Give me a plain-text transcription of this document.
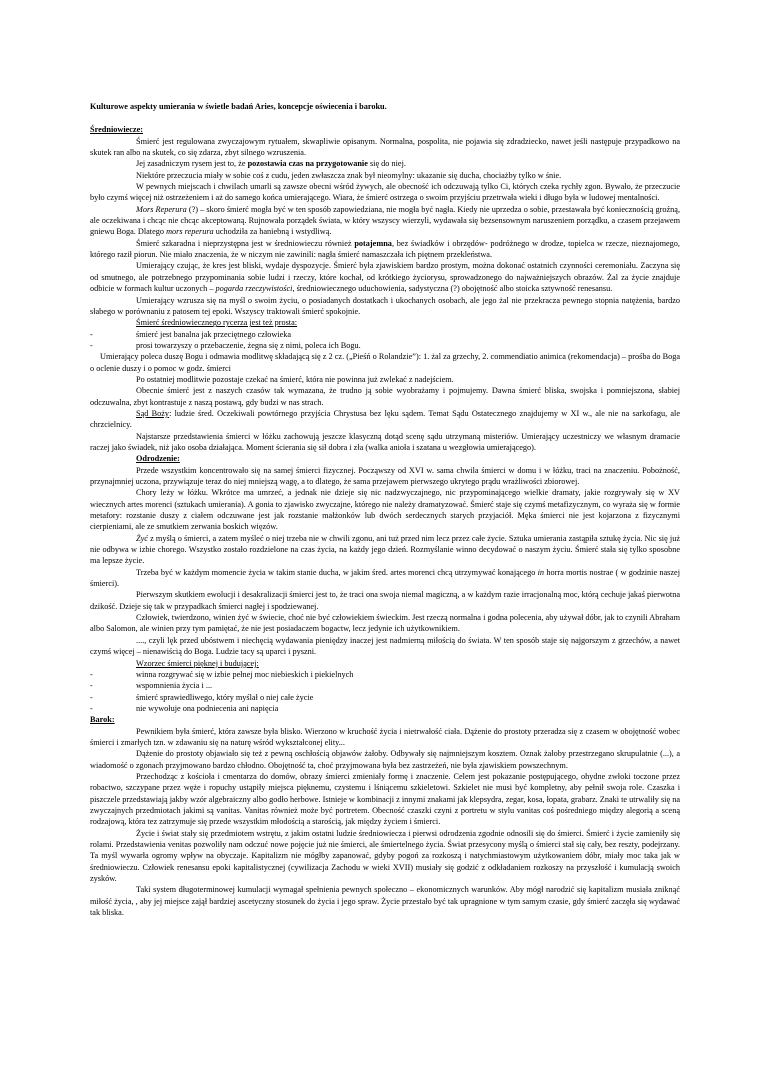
Kulturowe aspekty umierania w świetle badań Aries, koncepcje oświecenia i baroku.
Średniowiecze:
Śmierć jest regulowana zwyczajowym rytuałem, skwapliwie opisanym. Normalna, pospolita, nie pojawia się zdradziecko, nawet jeśli następuje przypadkowo na skutek ran albo na skutek, co się zdarza, zbyt silnego wzruszenia.
Jej zasadniczym rysem jest to, że pozostawia czas na przygotowanie się do niej.
Niektóre przeczucia miały w sobie coś z cudu, jeden zwłaszcza znak był nieomylny: ukazanie się ducha, chociażby tylko w śnie.
W pewnych miejscach i chwilach umarli są zawsze obecni wśród żywych, ale obecność ich odczuwają tylko Ci, których czeka rychły zgon. Bywało, że przeczucie było czymś więcej niż ostrzeżeniem i aż do samego końca umierającego. Wiara, że śmierć ostrzega o swoim przyjściu przetrwała wieki i długo była w ludowej mentalności.
Mors Reperura (?) – skoro śmierć mogła być w ten sposób zapowiedziana, nie mogła być nagła. Kiedy nie uprzedza o sobie, przestawała być koniecznością groźną, ale oczekiwana i chcąc nie chcąc akceptowaną. Rujnowała porządek świata, w który wszyscy wierzyli, wydawała się bezsensownym naruszeniem porządku, a czasem przejawem gniewu Boga. Dlatego mors reperura uchodziła za haniebną i wstydliwą.
Śmierć szkaradna i nieprzystępna jest w średniowieczu również potajemna, bez świadków i obrzędów- podróżnego w drodze, topielca w rzecze, nieznajomego, którego raził piorun. Nie miało znaczenia, że w niczym nie zawinili: nagła śmierć namaszczała ich piętnem przekleństwa.
Umierający czując, że kres jest bliski, wydaje dyspozycje. Śmierć była zjawiskiem bardzo prostym, można dokonać ostatnich czynności ceremoniału. Zaczyna się od smutnego, ale potrzebnego przypominania sobie ludzi i rzeczy, które kochał, od krótkiego życiorysu, sprowadzonego do najważniejszych obrazów. Żal za życie znajduje odbicie w formach kultur uczonych – pogarda rzeczywistości, średniowiecznego uduchowienia, sadystyczna (?) obojętność albo stoicka sztywność renesansu.
Umierający wzrusza się na myśl o swoim życiu, o posiadanych dostatkach i ukochanych osobach, ale jego żal nie przekracza pewnego stopnia natężenia, bardzo słabego w porównaniu z patosem tej epoki. Wszyscy traktowali śmierć spokojnie.
Śmierć średniowiecznego rycerza jest też prosta:
-	śmierć jest banalna jak przeciętnego człowieka
-	prosi towarzyszy o przebaczenie, żegna się z nimi, poleca ich Bogu.
Umierający poleca duszę Bogu i odmawia modlitwę składającą się z 2 cz. („Pieśń o Rolandzie”): 1. żal za grzechy, 2. commendiatio animica (rekomendacja) – prośba do Boga o oclenie duszy i o pomoc w godz. śmierci
Po ostatniej modlitwie pozostaje czekać na śmierć, która nie powinna już zwlekać z nadejściem.
Obecnie śmierć jest z naszych czasów tak wymazana, że trudno ją sobie wyobrażamy i pojmujemy. Dawna śmierć bliska, swojska i pomniejszona, słabiej odczuwalna, zbyt kontrastuje z naszą postawą, gdy budzi w nas strach.
Sąd Boży: ludzie śred. Oczekiwali powtórnego przyjścia Chrystusa bez lęku sądem. Temat Sądu Ostatecznego znajdujemy w XI w., ale nie na sarkofagu, ale chrzcielnicy.
Najstarsze przedstawienia śmierci w łóżku zachowują jeszcze klasyczną dotąd scenę sądu utrzymaną misteriów. Umierający uczestniczy we własnym dramacie raczej jako świadek, niż jako osoba działająca. Moment ścierania się sił dobra i zła (walka anioła i szatana u wezgłowia umierającego).
Odrodzenie:
Przede wszystkim koncentrowało się na samej śmierci fizycznej. Począwszy od XVI w. sama chwila śmierci w domu i w łóżku, traci na znaczeniu. Pobożność, przynajmniej uczona, przywiązuje teraz do niej mniejszą wagę, a to dlatego, że sama przejawem pierwszego ukrytego prądu wrażliwości zbiorowej.
Chory leży w łóżku. Wkrótce ma umrzeć, a jednak nie dzieje się nic nadzwyczajnego, nic przypominającego wielkie dramaty, jakie rozgrywały się w XV wiecznych artes morenci (sztukach umierania). A gonia to zjawisko zwyczajne, którego nie należy dramatyzować. Śmierć staje się czymś metafizycznym, co wyraża się w formie metafory: rozstanie duszy z ciałem odczuwane jest jak rozstanie małżonków lub dwóch serdecznych starych przyjaciół. Męka śmierci nie jest kojarzona z fizycznymi cierpieniami, ale ze smutkiem zerwania boskich więzów.
Żyć z myślą o śmierci, a zatem myśleć o niej trzeba nie w chwili zgonu, ani tuż przed nim lecz przez całe życie. Sztuka umierania zastąpiła sztukę życia. Nic się już nie odbywa w izbie chorego. Wszystko zostało rozdzielone na czas życia, na każdy jego dzień. Rozmyślanie winno decydować o naszym życiu. Śmierć stała się tylko sposobne ma lepsze życie.
Trzeba być w każdym momencie życia w takim stanie ducha, w jakim śred. artes morenci chcą utrzymywać konającego in horra mortis nostrae ( w godzinie naszej śmierci).
Pierwszym skutkiem ewolucji i desakralizacji śmierci jest to, że traci ona swoja niemal magiczną, a w każdym razie irracjonalną moc, którą cechuje jakaś pierwotna dzikość. Dzieje się tak w przypadkach śmierci nagłej i spodziewanej.
Człowiek, twierdzono, winien żyć w świecie, choć nie być człowiekiem świeckim. Jest rzeczą normalna i godna polecenia, aby używał dóbr, jak to czynili Abraham albo Salomon, ale winien przy tym pamiętać, że nie jest posiadaczem bogactw, lecz jedynie ich użytkownikiem.
...., czyli lęk przed ubóstwem i niechęcią wydawania pieniędzy inaczej jest nadmierną miłością do świata. W ten sposób staje się najgorszym z grzechów, a nawet czymś więcej – nienawiścią do Boga. Ludzie tacy są uparci i pyszni.
Wzorzec śmierci pięknej i budującej:
-	winna rozgrywać się w izbie pełnej moc niebieskich i piekielnych
-	wspomnienia życia i ...
-	śmierć sprawiedliwego, który myślał o niej całe życie
-	nie wywołuje ona podniecenia ani napięcia
Barok:
Pewnikiem była śmierć, która zawsze była blisko. Wierzono w kruchość życia i nietrwałość ciała. Dążenie do prostoty przeradza się z czasem w obojętność wobec śmierci i zmarłych tzn. w zdawaniu się na naturę wśród wykształconej elity...
Dążenie do prostoty objawiało się też z pewną oschłością objawów żałoby. Odbywały się najmniejszym kosztem. Oznak żałoby przestrzegano skrupulatnie (...), a wiadomość o zgonach przyjmowano bardzo chłodno. Obojętność ta, choć przyjmowana była bez zastrzeżeń, nie była zjawiskiem powszechnym.
Przechodząc z kościoła i cmentarza do domów, obrazy śmierci zmieniały formę i znaczenie. Celem jest pokazanie postępującego, ohydne zwłoki toczone przez robactwo, szczypane przez węże i ropuchy ustąpiły miejsca pięknemu, czystemu i lśniącemu szkieletowi. Szkielet nie musi być kompletny, aby pełnił swoja role. Czaszka i piszczele przedstawiają jakby wzór algebraiczny albo godło herbowe. Istnieje w kombinacji z innymi znakami jak klepsydra, zegar, kosa, łopata, grabarz. Znaki te utrwaliły się na zwyczajnych przedmiotach jakimi są vanitas. Vanitas również może być portretem. Obecność czaszki czyni z portretu w stylu vanitas coś pośredniego między alegorią a sceną rodzajową, która tez zatrzymuje się przede wszystkim młodością a starością, jak między życiem i śmierci.
Życie i świat stały się przedmiotem wstrętu, z jakim ostatni ludzie średniowiecza i pierwsi odrodzenia zgodnie odnosili się do śmierci. Śmierć i życie zamieniły się rolami. Przedstawienia venitas pozwoliły nam odczuć nowe pojęcie już nie śmierci, ale śmiertelnego życia. Świat przesycony myślą o śmierci stał się cały, bez reszty, podejrzany. Ta myśl wywarła ogromy wpływ na obyczaje. Kapitalizm nie mógłby zapanować, gdyby pogoń za rozkoszą i natychmiastowym użytkowaniem dóbr, miały moc taka jak w średniowieczu. Człowiek renesansu epoki kapitalistycznej (cywilizacja Zachodu w wieki XVII) musiały się godzić z odkładaniem rozkoszy na przyszłość i kumulacją swoich zysków.
Taki system długoterminowej kumulacji wymagał spełnienia pewnych społeczno – ekonomicznych warunków. Aby mógł narodzić się kapitalizm musiała zniknąć miłość życia, , aby jej miejsce zajął bardziej ascetyczny stosunek do życia i jego spraw. Życie przestało być tak upragnione w tym samym czasie, gdy śmierć zaczęła się wydawać tak bliska.
